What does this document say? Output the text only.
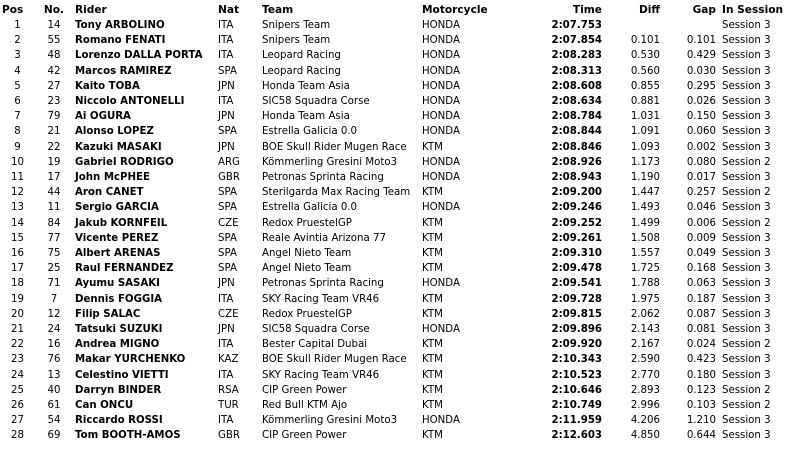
Pos	No.	Rider	Nat	Team	Motorcycle	Time	Diff	Gap	In Session
1	14	Tony ARBOLINO	ITA	Snipers Team	HONDA	2:07.753			Session 3
2	55	Romano FENATI	ITA	Snipers Team	HONDA	2:07.854	0.101	0.101	Session 3
3	48	Lorenzo DALLA PORTA	ITA	Leopard Racing	HONDA	2:08.283	0.530	0.429	Session 3
4	42	Marcos RAMIREZ	SPA	Leopard Racing	HONDA	2:08.313	0.560	0.030	Session 3
5	27	Kaito TOBA	JPN	Honda Team Asia	HONDA	2:08.608	0.855	0.295	Session 3
6	23	Niccolo ANTONELLI	ITA	SIC58 Squadra Corse	HONDA	2:08.634	0.881	0.026	Session 3
7	79	Ai OGURA	JPN	Honda Team Asia	HONDA	2:08.784	1.031	0.150	Session 3
8	21	Alonso LOPEZ	SPA	Estrella Galicia 0.0	HONDA	2:08.844	1.091	0.060	Session 3
9	22	Kazuki MASAKI	JPN	BOE Skull Rider Mugen Race	KTM	2:08.846	1.093	0.002	Session 3
10	19	Gabriel RODRIGO	ARG	Kömmerling Gresini Moto3	HONDA	2:08.926	1.173	0.080	Session 2
11	17	John McPHEE	GBR	Petronas Sprinta Racing	HONDA	2:08.943	1.190	0.017	Session 3
12	44	Aron CANET	SPA	Sterilgarda Max Racing Team	KTM	2:09.200	1.447	0.257	Session 2
13	11	Sergio GARCIA	SPA	Estrella Galicia 0.0	HONDA	2:09.246	1.493	0.046	Session 3
14	84	Jakub KORNFEIL	CZE	Redox PruestelGP	KTM	2:09.252	1.499	0.006	Session 2
15	77	Vicente PEREZ	SPA	Reale Avintia Arizona 77	KTM	2:09.261	1.508	0.009	Session 3
16	75	Albert ARENAS	SPA	Angel Nieto Team	KTM	2:09.310	1.557	0.049	Session 3
17	25	Raul FERNANDEZ	SPA	Angel Nieto Team	KTM	2:09.478	1.725	0.168	Session 3
18	71	Ayumu SASAKI	JPN	Petronas Sprinta Racing	HONDA	2:09.541	1.788	0.063	Session 3
19	7	Dennis FOGGIA	ITA	SKY Racing Team VR46	KTM	2:09.728	1.975	0.187	Session 3
20	12	Filip SALAC	CZE	Redox PruestelGP	KTM	2:09.815	2.062	0.087	Session 3
21	24	Tatsuki SUZUKI	JPN	SIC58 Squadra Corse	HONDA	2:09.896	2.143	0.081	Session 3
22	16	Andrea MIGNO	ITA	Bester Capital Dubai	KTM	2:09.920	2.167	0.024	Session 2
23	76	Makar YURCHENKO	KAZ	BOE Skull Rider Mugen Race	KTM	2:10.343	2.590	0.423	Session 3
24	13	Celestino VIETTI	ITA	SKY Racing Team VR46	KTM	2:10.523	2.770	0.180	Session 3
25	40	Darryn BINDER	RSA	CIP Green Power	KTM	2:10.646	2.893	0.123	Session 2
26	61	Can ONCU	TUR	Red Bull KTM Ajo	KTM	2:10.749	2.996	0.103	Session 2
27	54	Riccardo ROSSI	ITA	Kömmerling Gresini Moto3	HONDA	2:11.959	4.206	1.210	Session 3
28	69	Tom BOOTH-AMOS	GBR	CIP Green Power	KTM	2:12.603	4.850	0.644	Session 3
